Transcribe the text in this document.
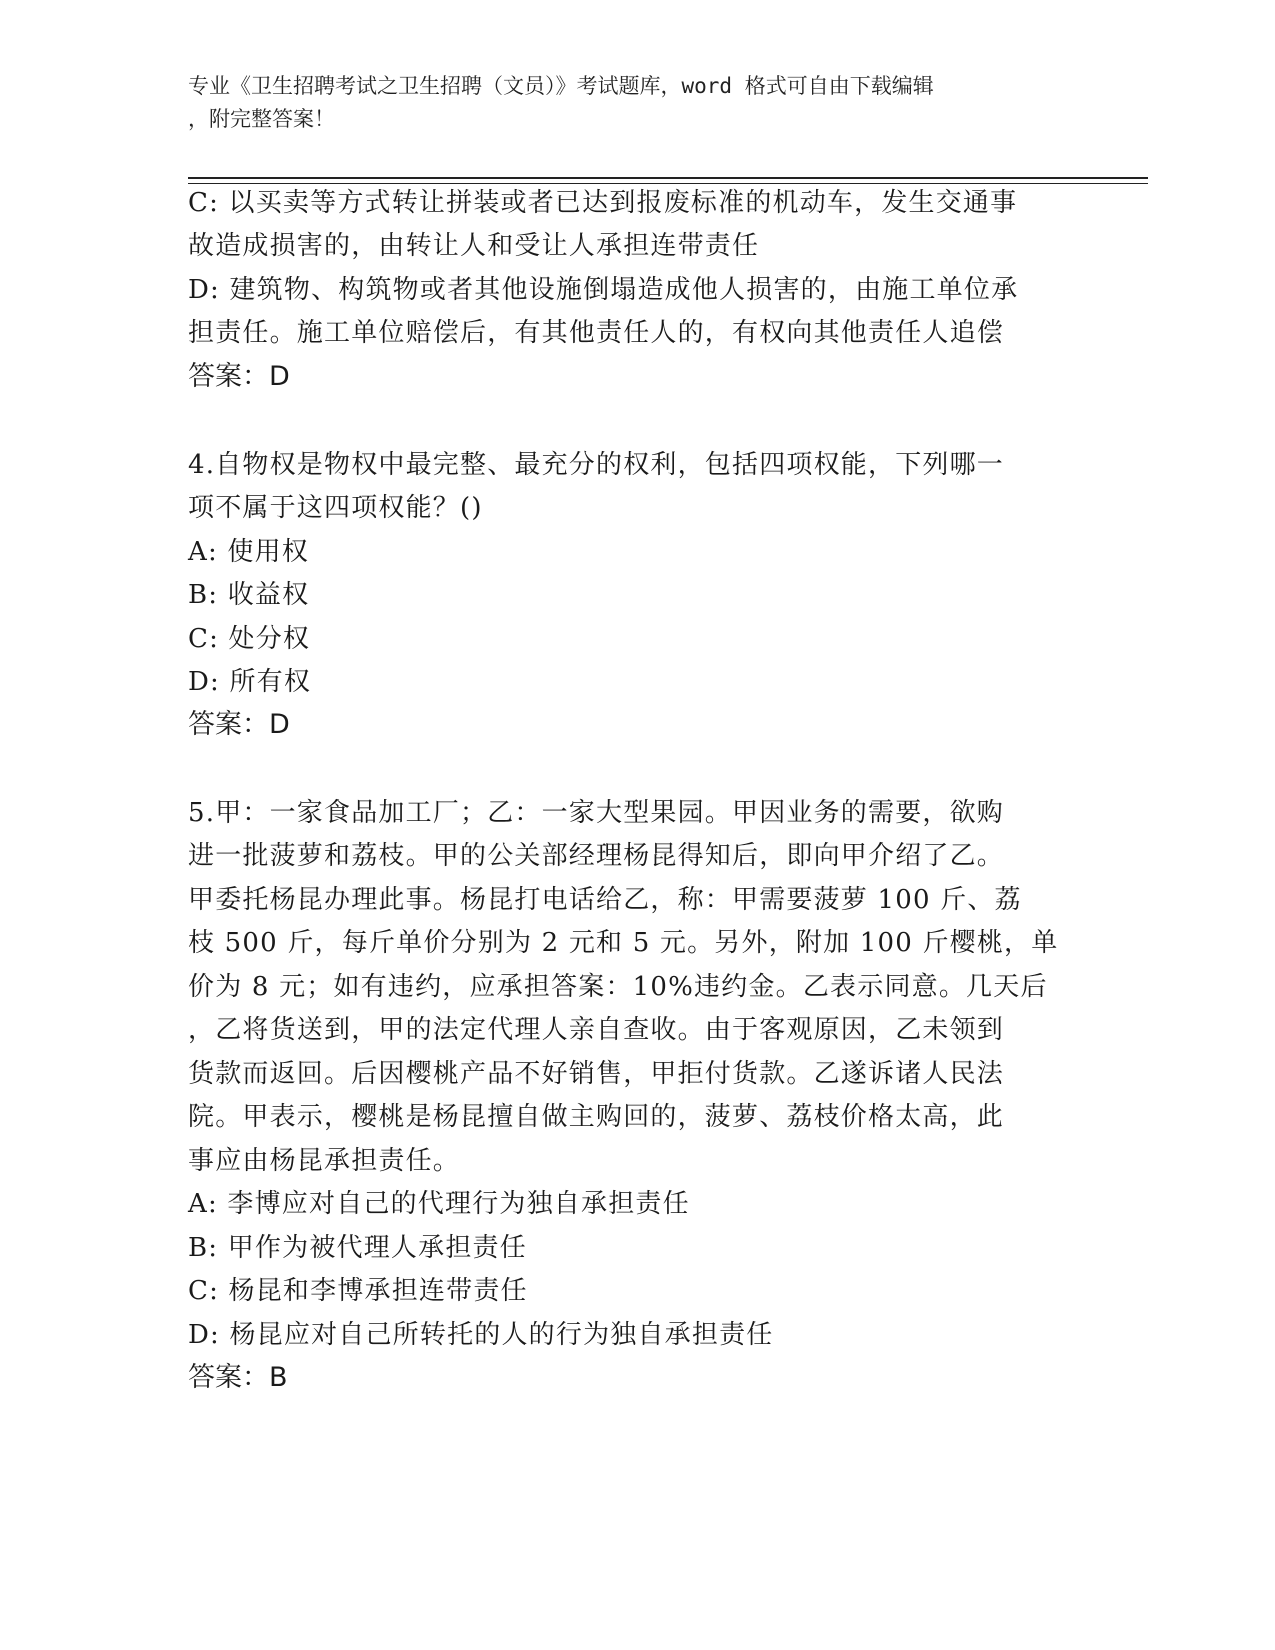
专业《卫生招聘考试之卫生招聘（文员）》考试题库，word 格式可自由下载编辑
，附完整答案！
C: 以买卖等方式转让拼装或者已达到报废标准的机动车，发生交通事
故造成损害的，由转让人和受让人承担连带责任
D: 建筑物、构筑物或者其他设施倒塌造成他人损害的，由施工单位承
担责任。施工单位赔偿后，有其他责任人的，有权向其他责任人追偿
答案：D
4.自物权是物权中最完整、最充分的权利，包括四项权能，下列哪一
项不属于这四项权能？()
A: 使用权
B: 收益权
C: 处分权
D: 所有权
答案：D
5.甲：一家食品加工厂；乙：一家大型果园。甲因业务的需要，欲购
进一批菠萝和荔枝。甲的公关部经理杨昆得知后，即向甲介绍了乙。
甲委托杨昆办理此事。杨昆打电话给乙，称：甲需要菠萝 100 斤、荔
枝 500 斤，每斤单价分别为 2 元和 5 元。另外，附加 100 斤樱桃，单
价为 8 元；如有违约，应承担答案：10%违约金。乙表示同意。几天后
，乙将货送到，甲的法定代理人亲自查收。由于客观原因，乙未领到
货款而返回。后因樱桃产品不好销售，甲拒付货款。乙遂诉诸人民法
院。甲表示，樱桃是杨昆擅自做主购回的，菠萝、荔枝价格太高，此
事应由杨昆承担责任。
A: 李博应对自己的代理行为独自承担责任
B: 甲作为被代理人承担责任
C: 杨昆和李博承担连带责任
D: 杨昆应对自己所转托的人的行为独自承担责任
答案：B
